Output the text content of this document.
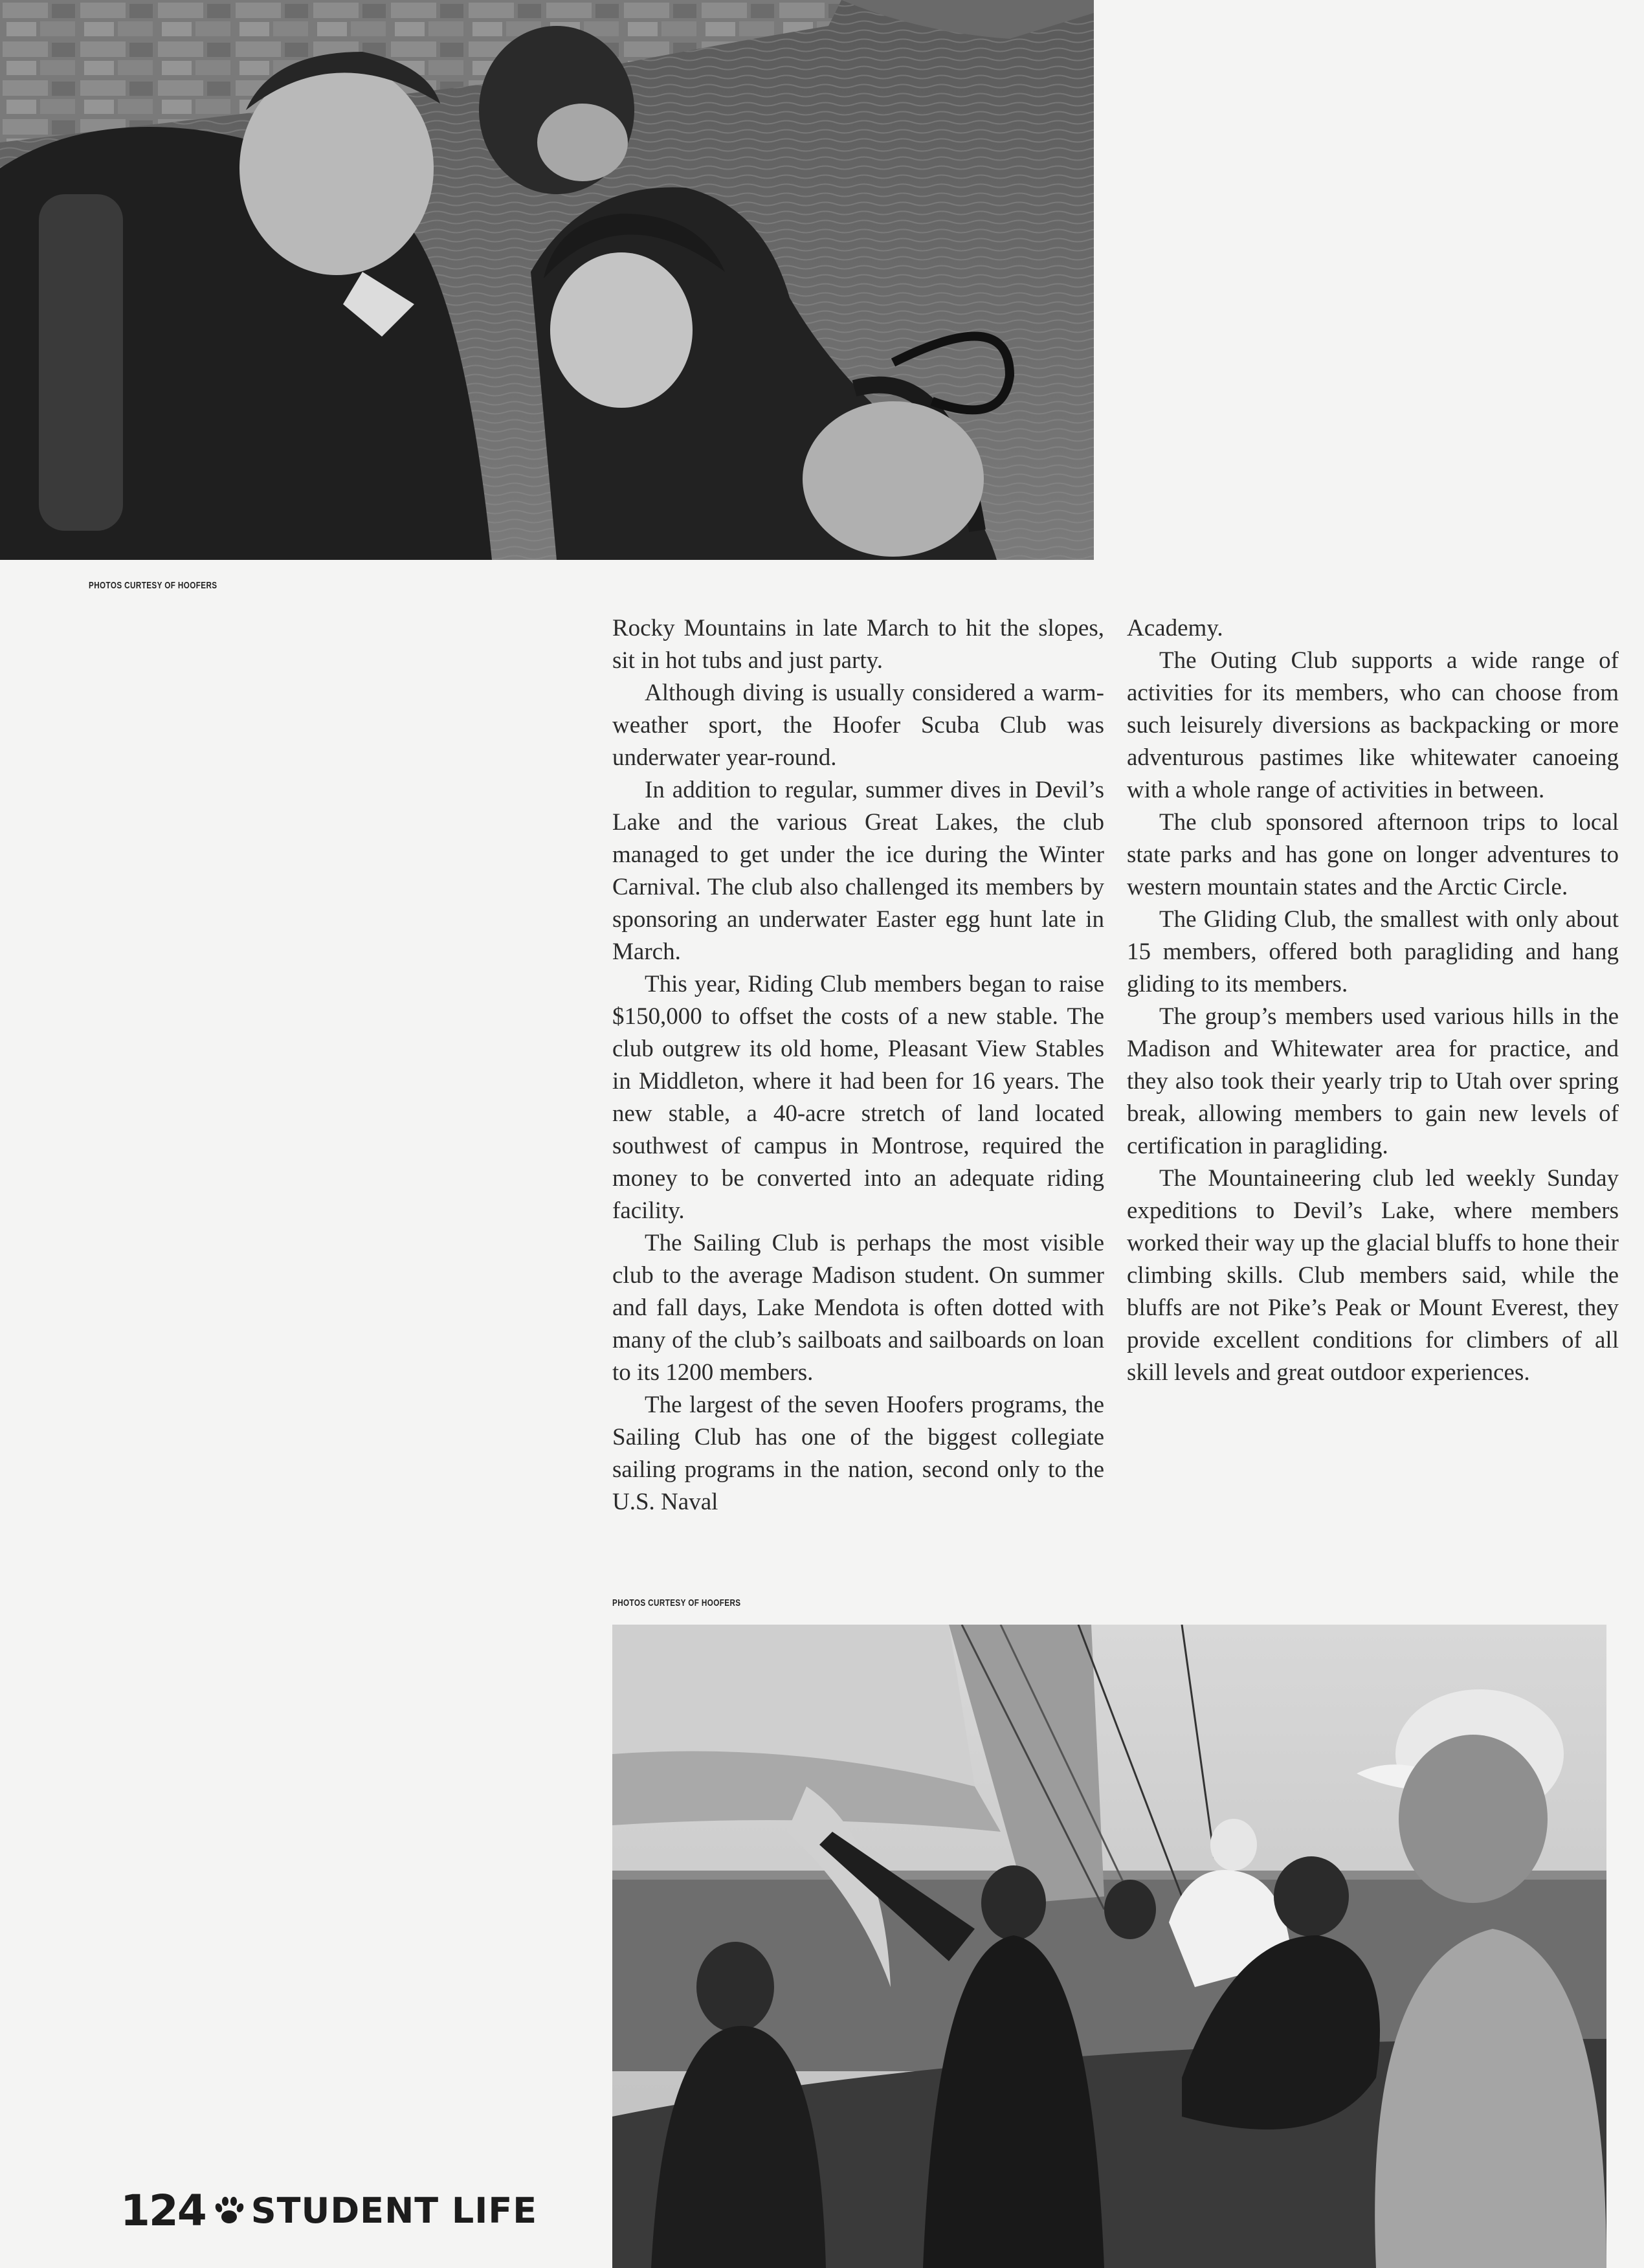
PHOTOS CURTESY OF HOOFERS

Rocky Mountains in late March to hit the slopes, sit in hot tubs and just party.

Although diving is usually considered a warm-weather sport, the Hoofer Scuba Club was underwater year-round.

In addition to regular, summer dives in Devil’s Lake and the various Great Lakes, the club managed to get under the ice during the Winter Carnival. The club also challenged its members by sponsoring an underwater Easter egg hunt late in March.

This year, Riding Club members began to raise $150,000 to offset the costs of a new stable. The club outgrew its old home, Pleasant View Stables in Middleton, where it had been for 16 years. The new stable, a 40-acre stretch of land located southwest of campus in Montrose, required the money to be converted into an adequate riding facility.

The Sailing Club is perhaps the most visible club to the average Madison student. On summer and fall days, Lake Mendota is often dotted with many of the club’s sailboats and sailboards on loan to its 1200 members.

The largest of the seven Hoofers programs, the Sailing Club has one of the biggest collegiate sailing programs in the nation, second only to the U.S. Naval

Academy.

The Outing Club supports a wide range of activities for its members, who can choose from such leisurely diversions as backpacking or more adventurous pastimes like whitewater canoeing with a whole range of activities in between.

The club sponsored afternoon trips to local state parks and has gone on longer adventures to western mountain states and the Arctic Circle.

The Gliding Club, the smallest with only about 15 members, offered both paragliding and hang gliding to its members.

The group’s members used various hills in the Madison and Whitewater area for practice, and they also took their yearly trip to Utah over spring break, allowing members to gain new levels of certification in paragliding.

The Mountaineering club led weekly Sunday expeditions to Devil’s Lake, where members worked their way up the glacial bluffs to hone their climbing skills. Club members said, while the bluffs are not Pike’s Peak or Mount Everest, they provide excellent conditions for climbers of all skill levels and great outdoor experiences.

PHOTOS CURTESY OF HOOFERS
124 STUDENT LIFE
